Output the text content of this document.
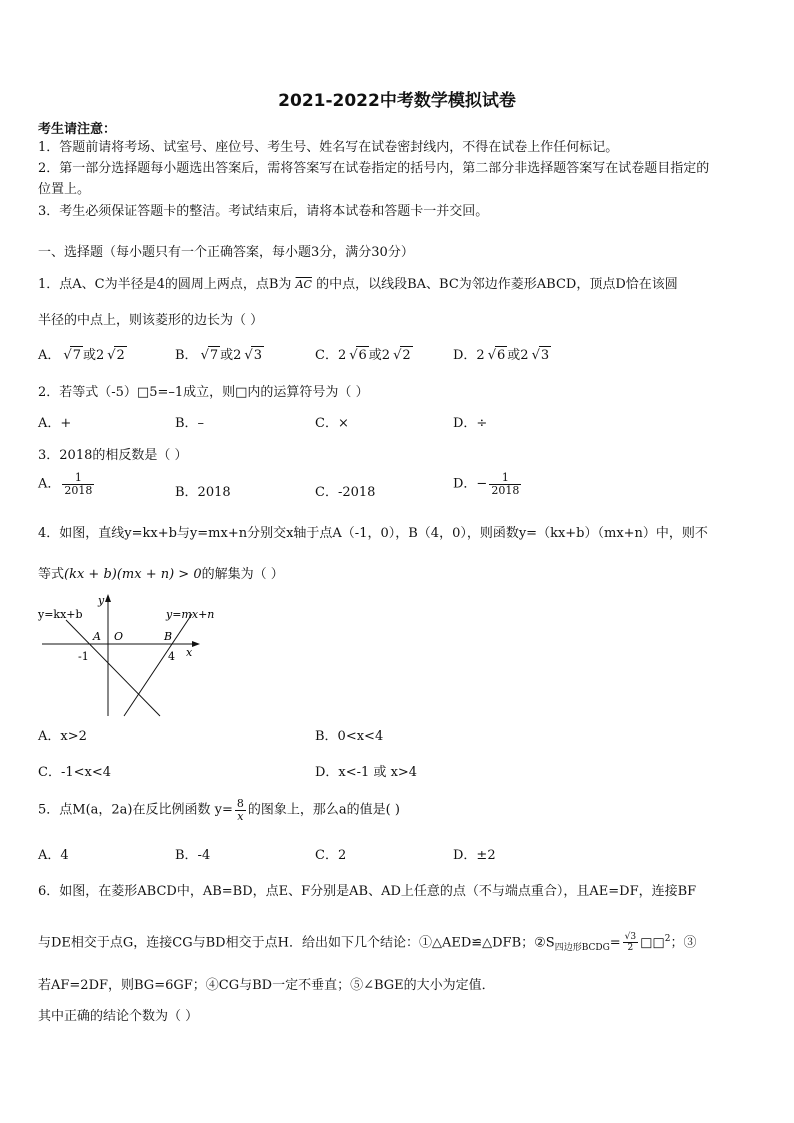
2021-2022中考数学模拟试卷
考生请注意：
1．答题前请将考场、试室号、座位号、考生号、姓名写在试卷密封线内，不得在试卷上作任何标记。
2．第一部分选择题每小题选出答案后，需将答案写在试卷指定的括号内，第二部分非选择题答案写在试卷题目指定的
位置上。
3．考生必须保证答题卡的整洁。考试结束后，请将本试卷和答题卡一并交回。
一、选择题（每小题只有一个正确答案，每小题3分，满分30分）
1．点A、C为半径是4的圆周上两点，点B为 $\overline{AC}$ 的中点，以线段BA、BC为邻边作菱形ABCD，顶点D恰在该圆
半径的中点上，则该菱形的边长为（ ）
A． √ 7 或2 √ 2	B． √ 7 或2 √ 3	C．2 √ 6 或2 √ 2	D．2 √ 6 或2 √ 3
2．若等式（-5）□5=–1成立，则□内的运算符号为（ ）
A．+	B．–	C．×	D．÷
3．2018的相反数是（ ）
A． $\frac{1}{2018}$	B．2018	C．-2018
D．− $\frac{1}{2018}$
4．如图，直线y=kx+b与y=mx+n分别交x轴于点A（-1，0），B（4，0），则函数y=（kx+b）（mx+n）中，则不
等式(kx + b)(mx + n) > 0的解集为（ ）
y=kx+b	y=mx+n
y
x
A O	B
-1	4
A．x>2	B．0<x<4
C．-1<x<4	D．x<-1 或 x>4
5．点M(a，2a)在反比例函数 $y= \frac{8}{x}$ 的图象上，那么a的值是( )
A．4	B．-4	C．2	D．±2
6．如图，在菱形ABCD中，AB=BD，点E、F分别是AB、AD上任意的点（不与端点重合），且AE=DF，连接BF
与DE相交于点G，连接CG与BD相交于点H．给出如下几个结论：①△AED≌△DFB；$②S_{四边形BCDG}= \frac{√3}{2}$ □□$^2$；③
若AF=2DF，则BG=6GF；④CG与BD一定不垂直；⑤∠BGE的大小为定值．
其中正确的结论个数为（ ）
